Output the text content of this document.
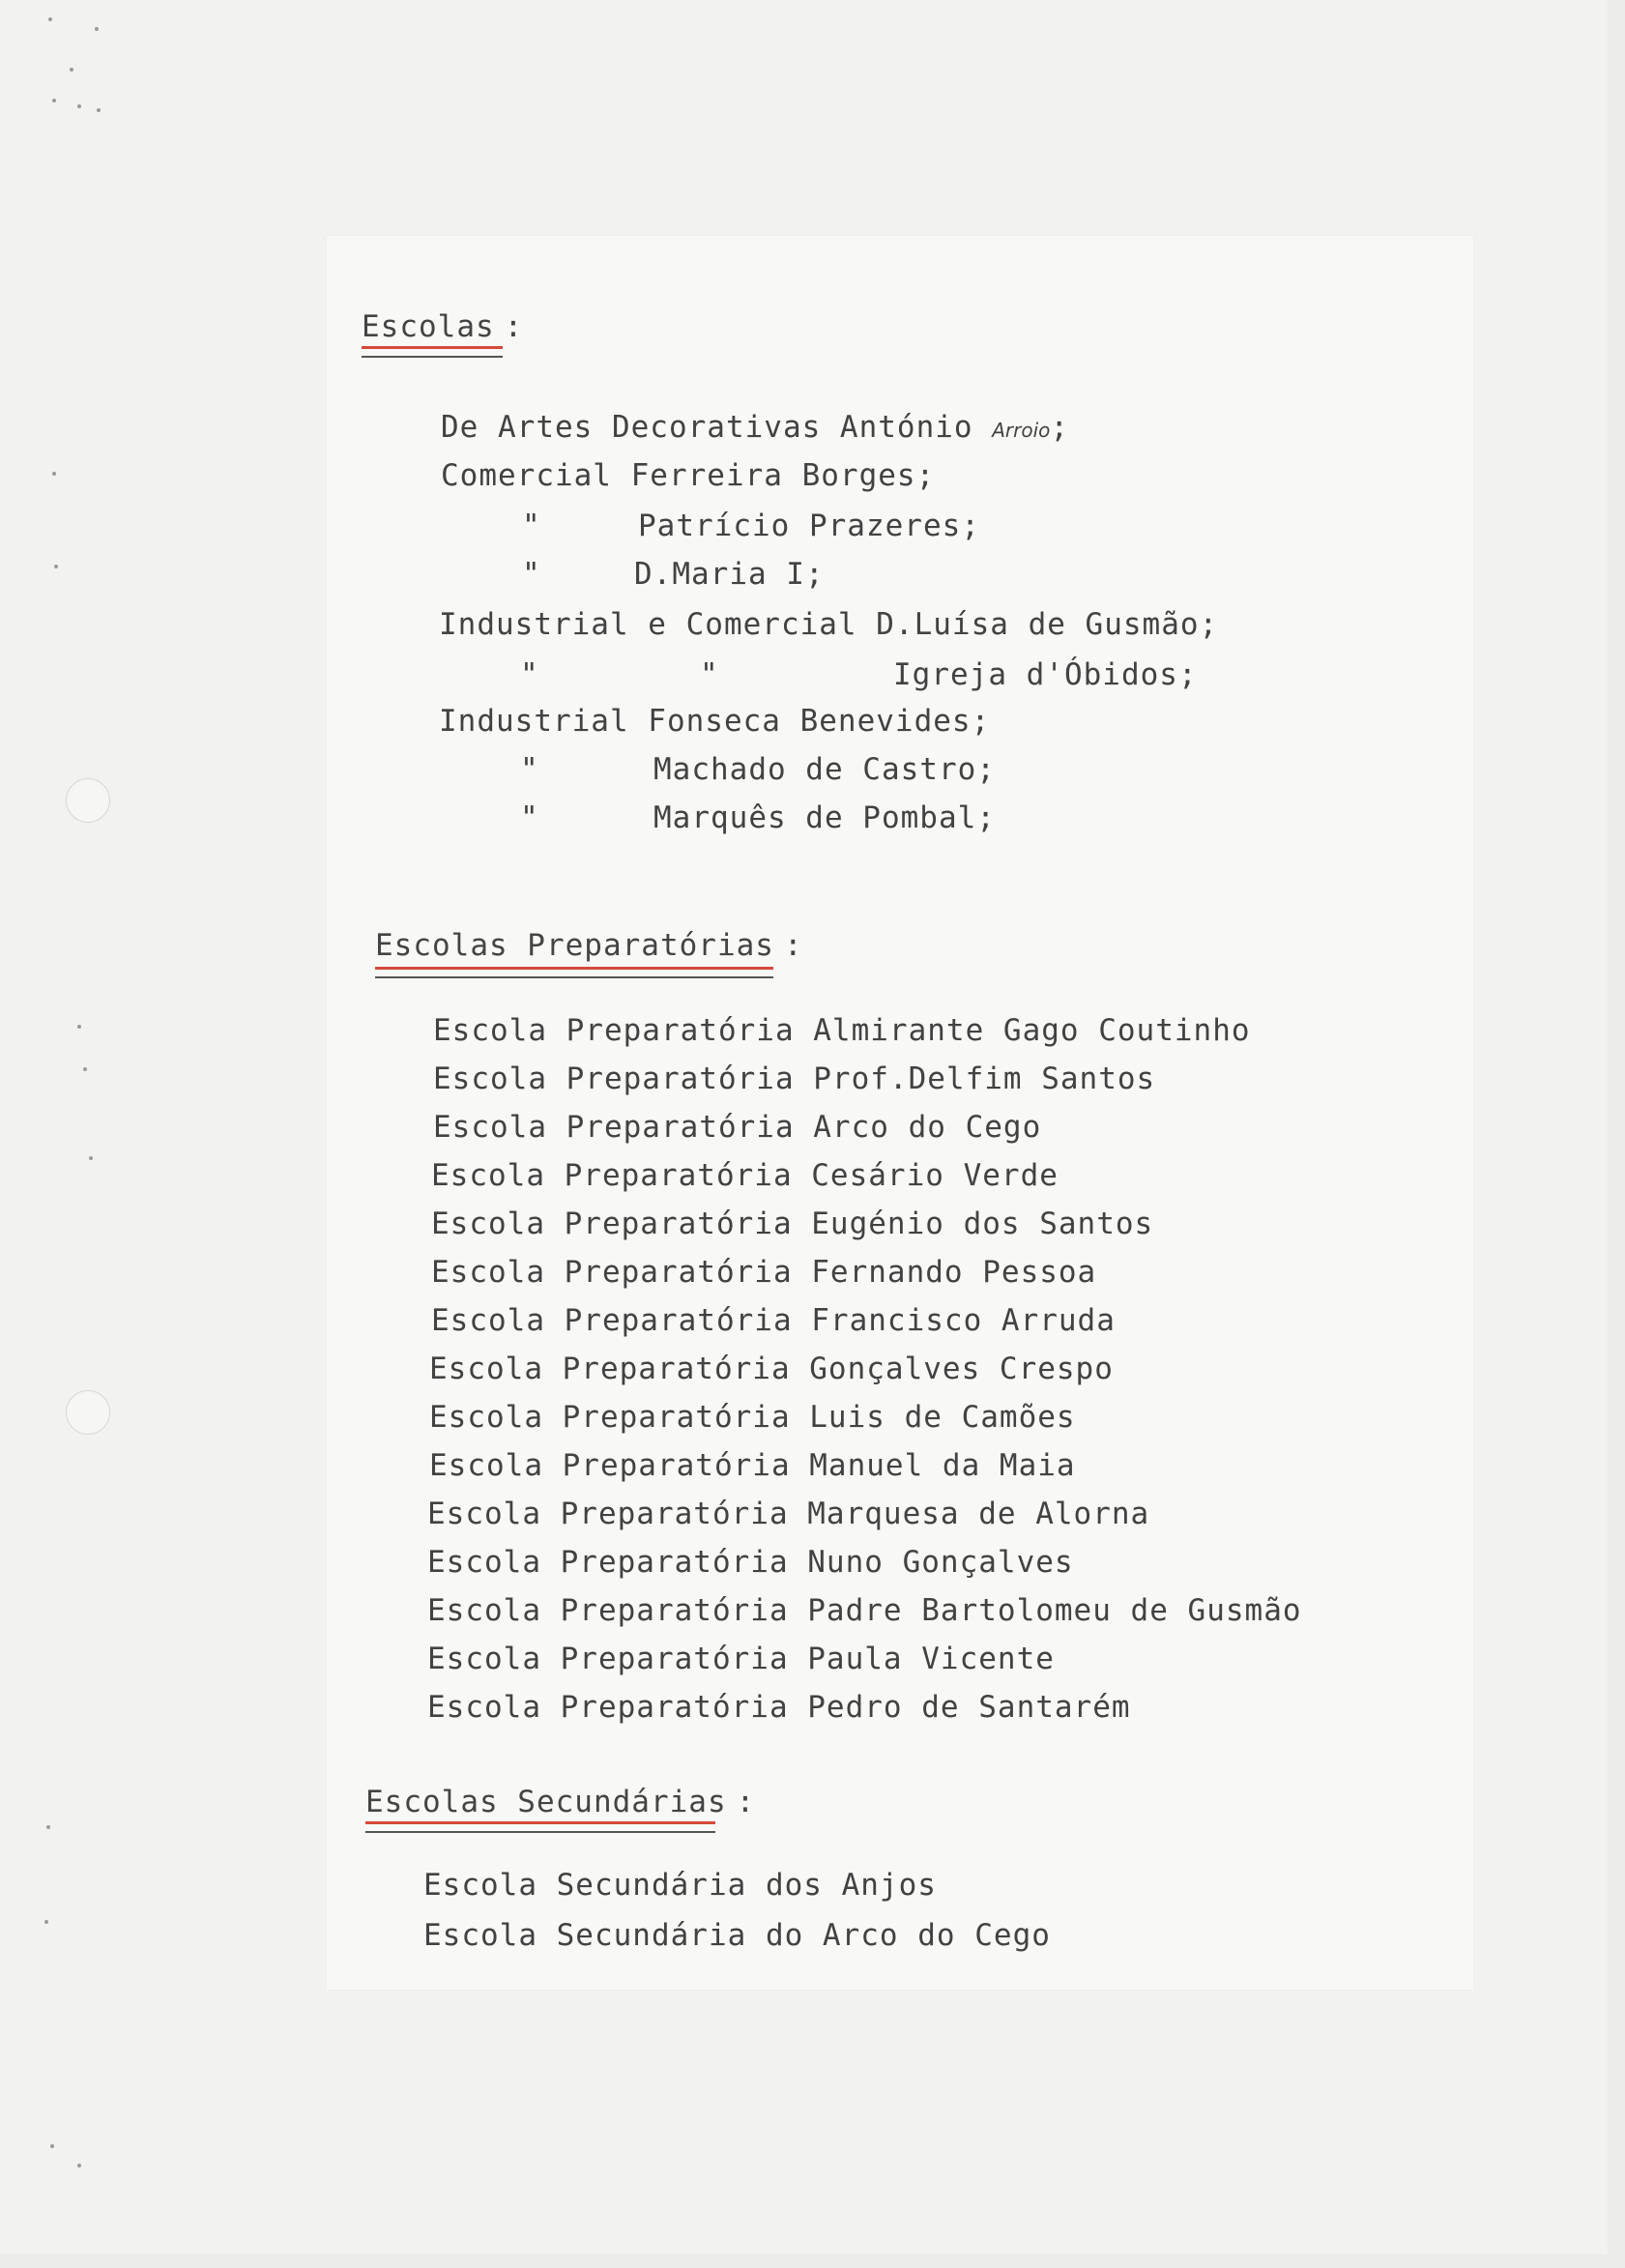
Escolas :
De Artes Decorativas António Arroio;
Comercial Ferreira Borges;
"	Patrício Prazeres;
"	D.Maria I;
Industrial e Comercial D.Luísa de Gusmão;
"	"	Igreja d'Óbidos;
Industrial Fonseca Benevides;
"	Machado de Castro;
"	Marquês de Pombal;
Escolas Preparatórias :
Escola Preparatória Almirante Gago Coutinho
Escola Preparatória Prof.Delfim Santos
Escola Preparatória Arco do Cego
Escola Preparatória Cesário Verde
Escola Preparatória Eugénio dos Santos
Escola Preparatória Fernando Pessoa
Escola Preparatória Francisco Arruda
Escola Preparatória Gonçalves Crespo
Escola Preparatória Luis de Camões
Escola Preparatória Manuel da Maia
Escola Preparatória Marquesa de Alorna
Escola Preparatória Nuno Gonçalves
Escola Preparatória Padre Bartolomeu de Gusmão
Escola Preparatória Paula Vicente
Escola Preparatória Pedro de Santarém
Escolas Secundárias :
Escola Secundária dos Anjos
Escola Secundária do Arco do Cego
